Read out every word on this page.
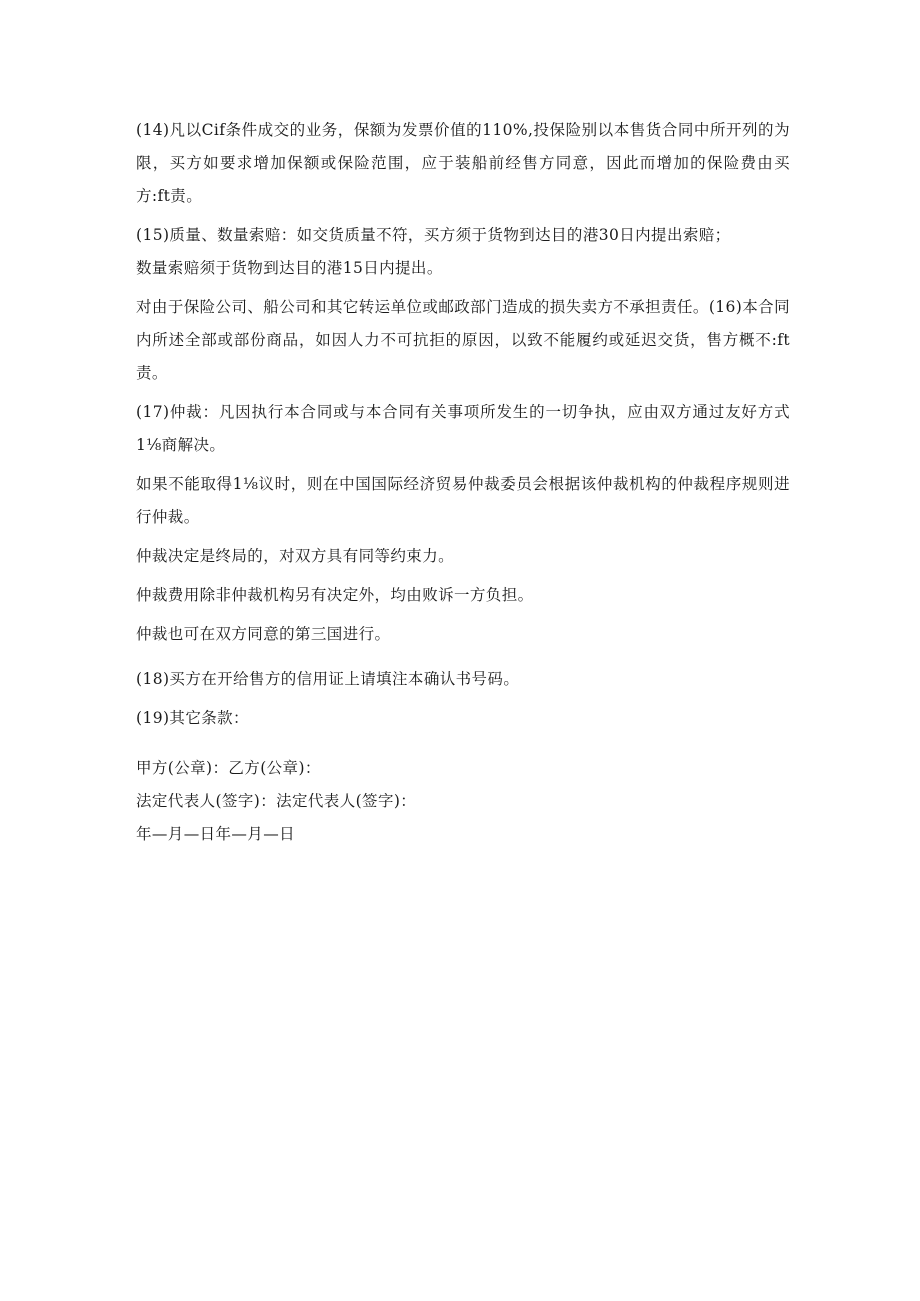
(14)凡以Cif条件成交的业务，保额为发票价值的110%,投保险别以本售货合同中所开列的为限，买方如要求增加保额或保险范围，应于装船前经售方同意，因此而增加的保险费由买方:ft责。

(15)质量、数量索赔：如交货质量不符，买方须于货物到达目的港30日内提出索赔；

数量索赔须于货物到达目的港15日内提出。

对由于保险公司、船公司和其它转运单位或邮政部门造成的损失卖方不承担责任。(16)本合同内所述全部或部份商品，如因人力不可抗拒的原因，以致不能履约或延迟交货，售方概不:ft责。

(17)仲裁：凡因执行本合同或与本合同有关事项所发生的一切争执，应由双方通过友好方式1⅛商解决。

如果不能取得1⅛议时，则在中国国际经济贸易仲裁委员会根据该仲裁机构的仲裁程序规则进行仲裁。

仲裁决定是终局的，对双方具有同等约束力。

仲裁费用除非仲裁机构另有决定外，均由败诉一方负担。

仲裁也可在双方同意的第三国进行。

(18)买方在开给售方的信用证上请填注本确认书号码。

(19)其它条款：

甲方(公章)：乙方(公章)：

法定代表人(签字)：法定代表人(签字)：

年—月—日年—月—日
